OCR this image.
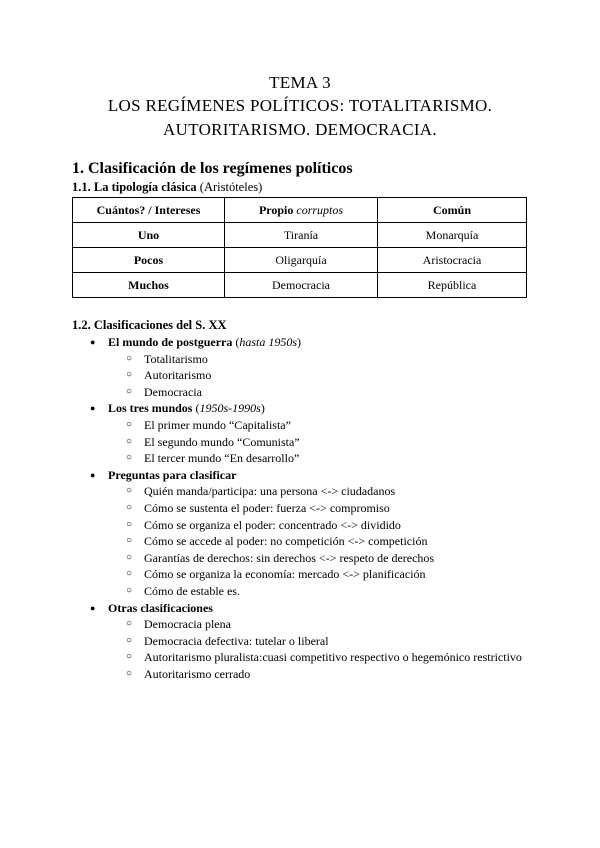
TEMA 3
LOS REGÍMENES POLÍTICOS: TOTALITARISMO.
AUTORITARISMO. DEMOCRACIA.
1. Clasificación de los regímenes políticos
1.1. La tipología clásica (Aristóteles)
Cuántos? / Intereses	Propio corruptos	Común
Uno	Tiranía	Monarquía
Pocos	Oligarquía	Aristocracia
Muchos	Democracia	República
1.2. Clasificaciones del S. XX
● El mundo de postguerra (hasta 1950s)
○ Totalitarismo
○ Autoritarismo
○ Democracia
● Los tres mundos (1950s-1990s)
○ El primer mundo “Capitalista”
○ El segundo mundo “Comunista”
○ El tercer mundo “En desarrollo”
● Preguntas para clasificar
○ Quién manda/participa: una persona <-> ciudadanos
○ Cómo se sustenta el poder: fuerza <-> compromiso
○ Cómo se organiza el poder: concentrado <-> dividido
○ Cómo se accede al poder: no competición <-> competición
○ Garantías de derechos: sin derechos <-> respeto de derechos
○ Cómo se organiza la economía: mercado <-> planificación
○ Cómo de estable es.
● Otras clasificaciones
○ Democracia plena
○ Democracia defectiva: tutelar o liberal
○ Autoritarismo pluralista:cuasi competitivo respectivo o hegemónico restrictivo
○ Autoritarismo cerrado
